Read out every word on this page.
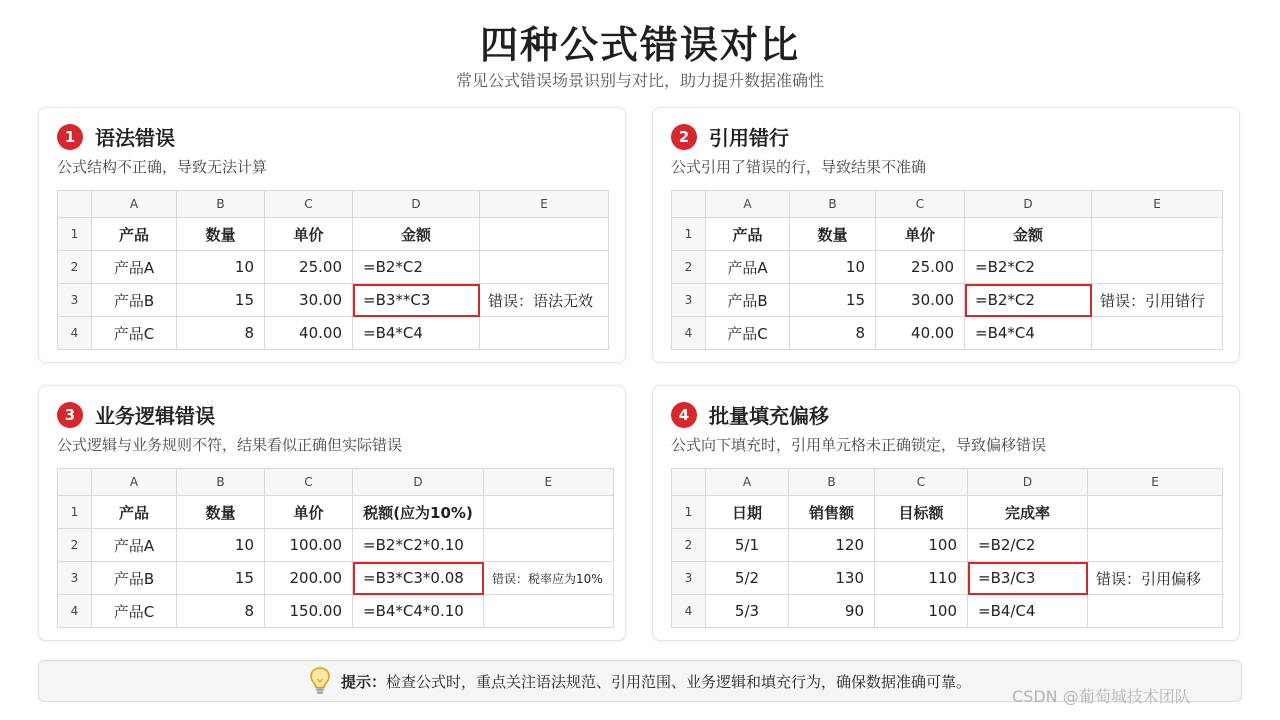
四种公式错误对比
常见公式错误场景识别与对比，助力提升数据准确性
1 语法错误
公式结构不正确，导致无法计算
	A	B	C	D	E
1	产品	数量	单价	金额	
2	产品A	10	25.00	=B2*C2	
3	产品B	15	30.00	=B3**C3	错误：语法无效
4	产品C	8	40.00	=B4*C4	
2 引用错行
公式引用了错误的行，导致结果不准确
	A	B	C	D	E
1	产品	数量	单价	金额	
2	产品A	10	25.00	=B2*C2	
3	产品B	15	30.00	=B2*C2	错误：引用错行
4	产品C	8	40.00	=B4*C4	
3 业务逻辑错误
公式逻辑与业务规则不符，结果看似正确但实际错误
	A	B	C	D	E
1	产品	数量	单价	税额(应为10%)	
2	产品A	10	100.00	=B2*C2*0.10	
3	产品B	15	200.00	=B3*C3*0.08	错误：税率应为10%
4	产品C	8	150.00	=B4*C4*0.10	
4 批量填充偏移
公式向下填充时，引用单元格未正确锁定，导致偏移错误
	A	B	C	D	E
1	日期	销售额	目标额	完成率	
2	5/1	120	100	=B2/C2	
3	5/2	130	110	=B3/C3	错误：引用偏移
4	5/3	90	100	=B4/C4	
提示： 检查公式时，重点关注语法规范、引用范围、业务逻辑和填充行为，确保数据准确可靠。
CSDN @葡萄城技术团队
